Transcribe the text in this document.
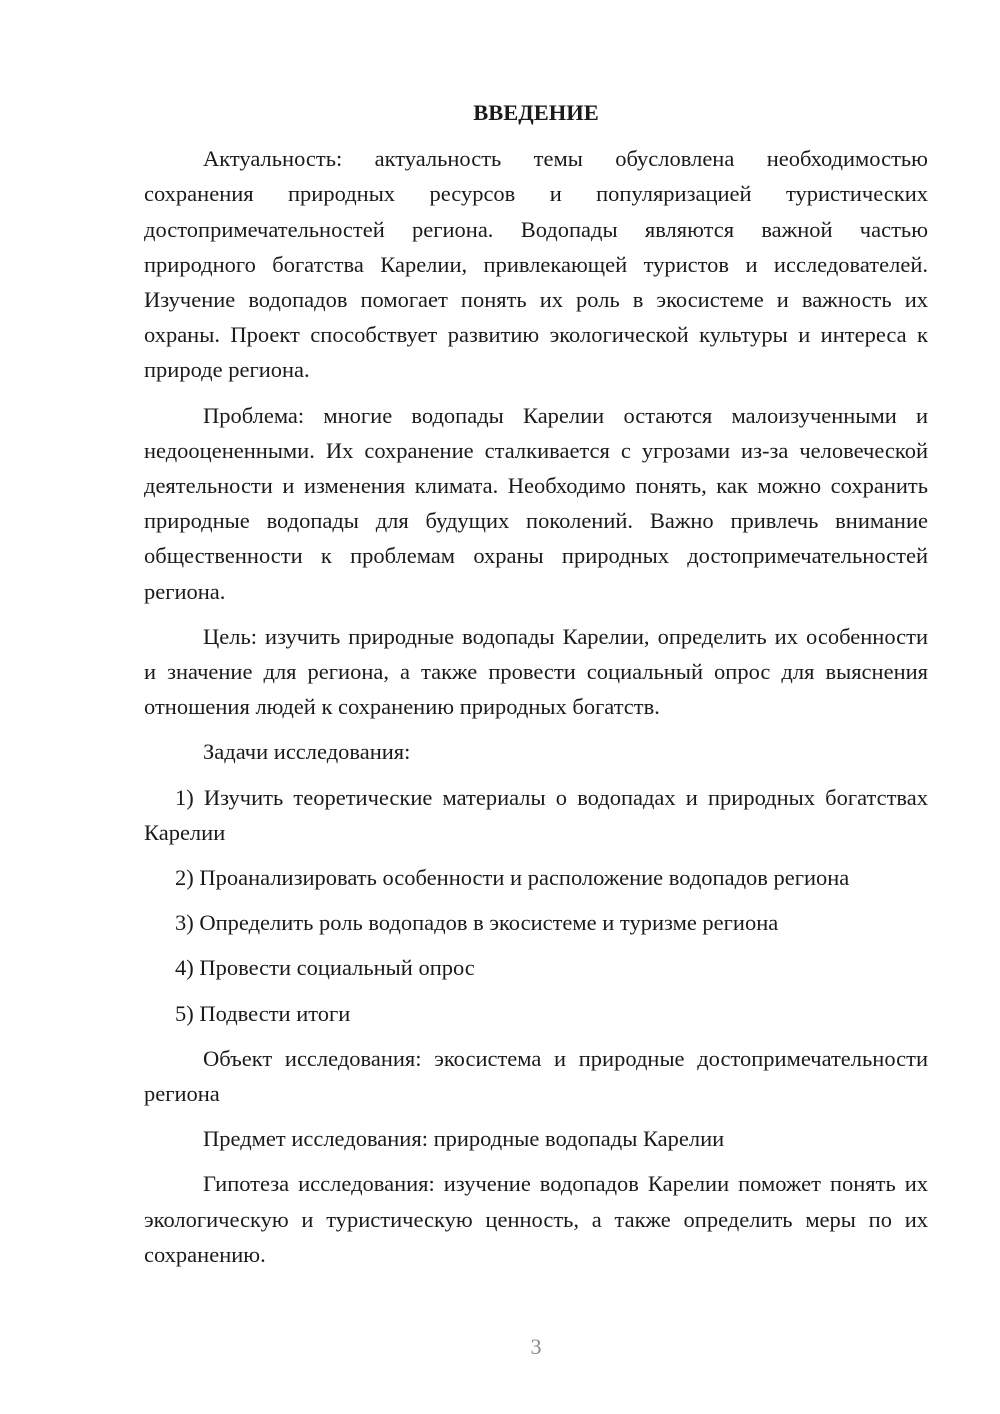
ВВЕДЕНИЕ

Актуальность: актуальность темы обусловлена необходимостью сохранения природных ресурсов и популяризацией туристических достопримечательностей региона. Водопады являются важной частью природного богатства Карелии, привлекающей туристов и исследователей. Изучение водопадов помогает понять их роль в экосистеме и важность их охраны. Проект способствует развитию экологической культуры и интереса к природе региона.

Проблема: многие водопады Карелии остаются малоизученными и недооцененными. Их сохранение сталкивается с угрозами из-за человеческой деятельности и изменения климата. Необходимо понять, как можно сохранить природные водопады для будущих поколений. Важно привлечь внимание общественности к проблемам охраны природных достопримечательностей региона.

Цель: изучить природные водопады Карелии, определить их особенности и значение для региона, а также провести социальный опрос для выяснения отношения людей к сохранению природных богатств.

Задачи исследования:

1) Изучить теоретические материалы о водопадах и природных богатствах Карелии

2) Проанализировать особенности и расположение водопадов региона

3) Определить роль водопадов в экосистеме и туризме региона

4) Провести социальный опрос

5) Подвести итоги

Объект исследования: экосистема и природные достопримечательности региона

Предмет исследования: природные водопады Карелии

Гипотеза исследования: изучение водопадов Карелии поможет понять их экологическую и туристическую ценность, а также определить меры по их сохранению.

3
